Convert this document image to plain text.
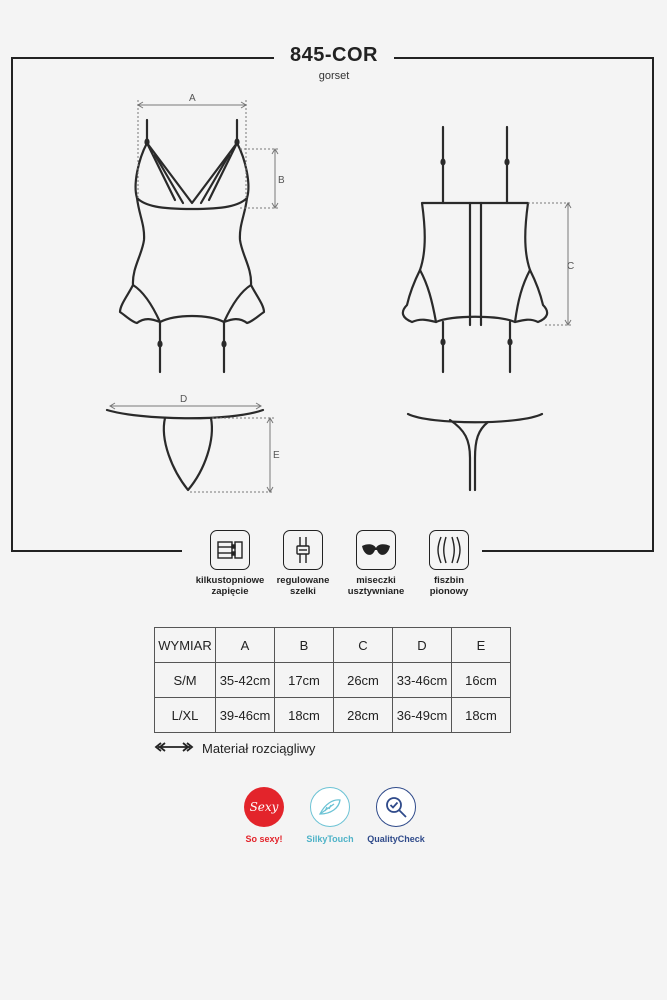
845-COR
gorset
A
B
C
D
E
kilkustopniowe
zapięcie
regulowane
szelki
miseczki
usztywniane
fiszbin
pionowy
WYMIAR	A	B	C	D	E
S/M	35-42cm	17cm	26cm	33-46cm	16cm
L/XL	39-46cm	18cm	28cm	36-49cm	18cm
Materiał rozciągliwy
Sexy
So sexy!	SilkyTouch	QualityCheck
